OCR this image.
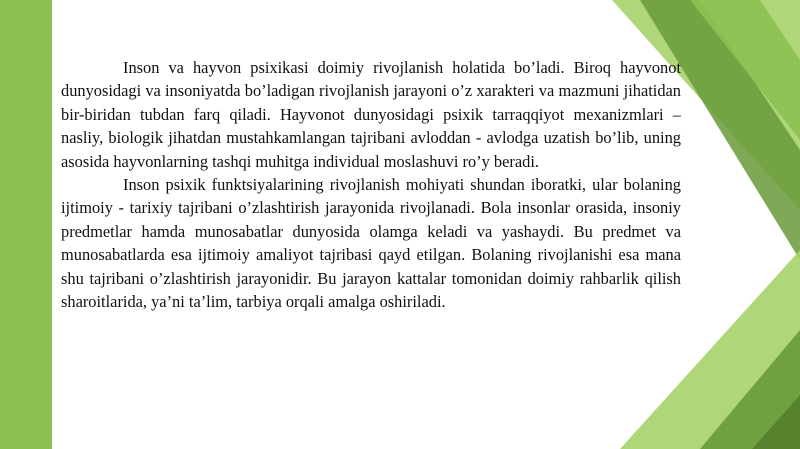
Inson va hayvon psixikasi doimiy rivojlanish holatida bo’ladi. Biroq hayvonot dunyosidagi va insoniyatda bo’ladigan rivojlanish jarayoni o’z xarakteri va mazmuni jihatidan bir-biridan tubdan farq qiladi. Hayvonot dunyosidagi psixik tarraqqiyot mexanizmlari – nasliy, biologik jihatdan mustahkamlangan tajribani avloddan - avlodga uzatish bo’lib, uning asosida hayvonlarning tashqi muhitga individual moslashuvi ro’y beradi.

Inson psixik funktsiyalarining rivojlanish mohiyati shundan iboratki, ular bolaning ijtimoiy - tarixiy tajribani o’zlashtirish jarayonida rivojlanadi. Bola insonlar orasida, insoniy predmetlar hamda munosabatlar dunyosida olamga keladi va yashaydi. Bu predmet va munosabatlarda esa ijtimoiy amaliyot tajribasi qayd etilgan. Bolaning rivojlanishi esa mana shu tajribani o’zlashtirish jarayonidir. Bu jarayon kattalar tomonidan doimiy rahbarlik qilish sharoitlarida, ya’ni ta’lim, tarbiya orqali amalga oshiriladi.
